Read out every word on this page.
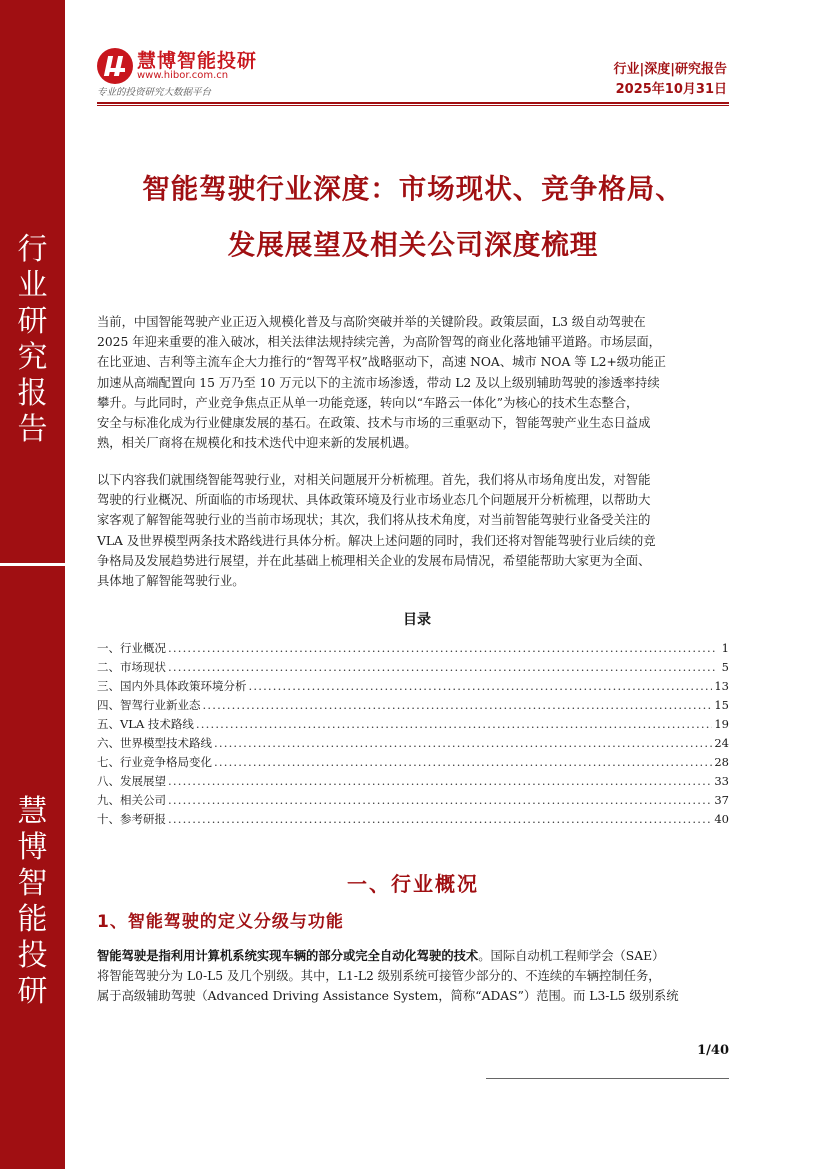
行
业
研
究
报
告
慧
博
智
能
投
研
慧博智能投研
www.hibor.com.cn
专业的投资研究大数据平台
行业|深度|研究报告
2025年10月31日
智能驾驶行业深度：市场现状、竞争格局、
发展展望及相关公司深度梳理
当前，中国智能驾驶产业正迈入规模化普及与高阶突破并举的关键阶段。政策层面，L3 级自动驾驶在
2025 年迎来重要的准入破冰，相关法律法规持续完善，为高阶智驾的商业化落地铺平道路。市场层面，
在比亚迪、吉利等主流车企大力推行的“智驾平权”战略驱动下，高速 NOA、城市 NOA 等 L2+级功能正
加速从高端配置向 15 万乃至 10 万元以下的主流市场渗透，带动 L2 及以上级别辅助驾驶的渗透率持续
攀升。与此同时，产业竞争焦点正从单一功能竞逐，转向以“车路云一体化”为核心的技术生态整合，
安全与标准化成为行业健康发展的基石。在政策、技术与市场的三重驱动下，智能驾驶产业生态日益成
熟，相关厂商将在规模化和技术迭代中迎来新的发展机遇。
以下内容我们就围绕智能驾驶行业，对相关问题展开分析梳理。首先，我们将从市场角度出发，对智能
驾驶的行业概况、所面临的市场现状、具体政策环境及行业市场业态几个问题展开分析梳理，以帮助大
家客观了解智能驾驶行业的当前市场现状；其次，我们将从技术角度，对当前智能驾驶行业备受关注的
VLA 及世界模型两条技术路线进行具体分析。解决上述问题的同时，我们还将对智能驾驶行业后续的竞
争格局及发展趋势进行展望，并在此基础上梳理相关企业的发展布局情况，希望能帮助大家更为全面、
具体地了解智能驾驶行业。
目录
一、行业概况 .....	1
二、市场现状 .....	5
三、国内外具体政策环境分析 .....	13
四、智驾行业新业态 .....	15
五、VLA 技术路线 .....	19
六、世界模型技术路线 .....	24
七、行业竞争格局变化 .....	28
八、发展展望 .....	33
九、相关公司 .....	37
十、参考研报 .....	40
一、行业概况
1、智能驾驶的定义分级与功能
智能驾驶是指利用计算机系统实现车辆的部分或完全自动化驾驶的技术。国际自动机工程师学会（SAE）
将智能驾驶分为 L0-L5 及几个别级。其中，L1-L2 级别系统可接管少部分的、不连续的车辆控制任务，
属于高级辅助驾驶（Advanced Driving Assistance System，简称“ADAS”）范围。而 L3-L5 级别系统
1/40
